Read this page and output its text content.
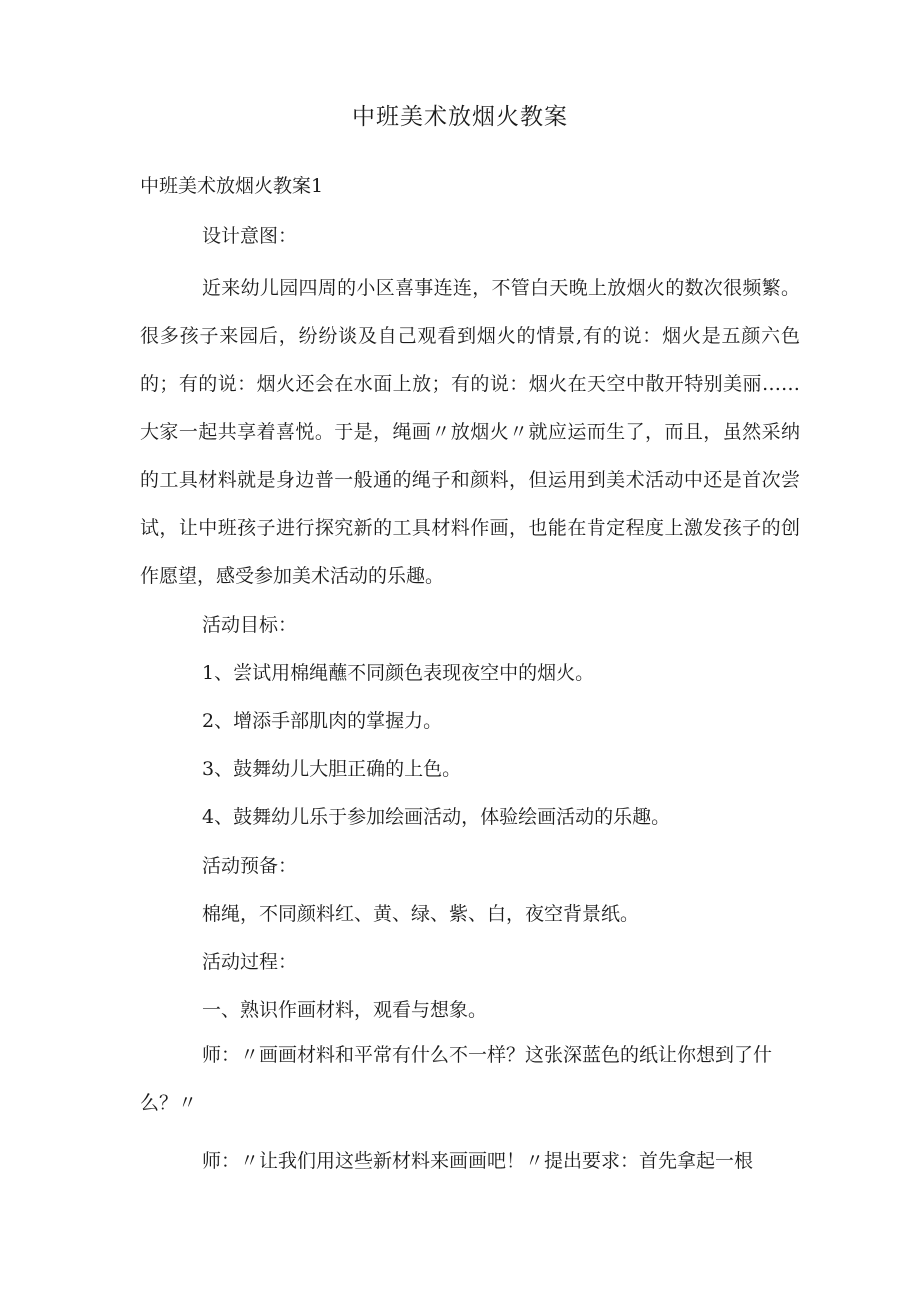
中班美术放烟火教案
中班美术放烟火教案1
设计意图：
近来幼儿园四周的小区喜事连连，不管白天晚上放烟火的数次很频繁。很多孩子来园后，纷纷谈及自己观看到烟火的情景,有的说：烟火是五颜六色的；有的说：烟火还会在水面上放；有的说：烟火在天空中散开特别美丽……大家一起共享着喜悦。于是，绳画〃放烟火〃就应运而生了，而且，虽然采纳的工具材料就是身边普一般通的绳子和颜料，但运用到美术活动中还是首次尝试，让中班孩子进行探究新的工具材料作画，也能在肯定程度上激发孩子的创作愿望，感受参加美术活动的乐趣。
活动目标：
1、尝试用棉绳蘸不同颜色表现夜空中的烟火。
2、增添手部肌肉的掌握力。
3、鼓舞幼儿大胆正确的上色。
4、鼓舞幼儿乐于参加绘画活动，体验绘画活动的乐趣。
活动预备：
棉绳，不同颜料红、黄、绿、紫、白，夜空背景纸。
活动过程：
一、熟识作画材料，观看与想象。
师：〃画画材料和平常有什么不一样？这张深蓝色的纸让你想到了什么？〃
师：〃让我们用这些新材料来画画吧！〃提出要求：首先拿起一根
